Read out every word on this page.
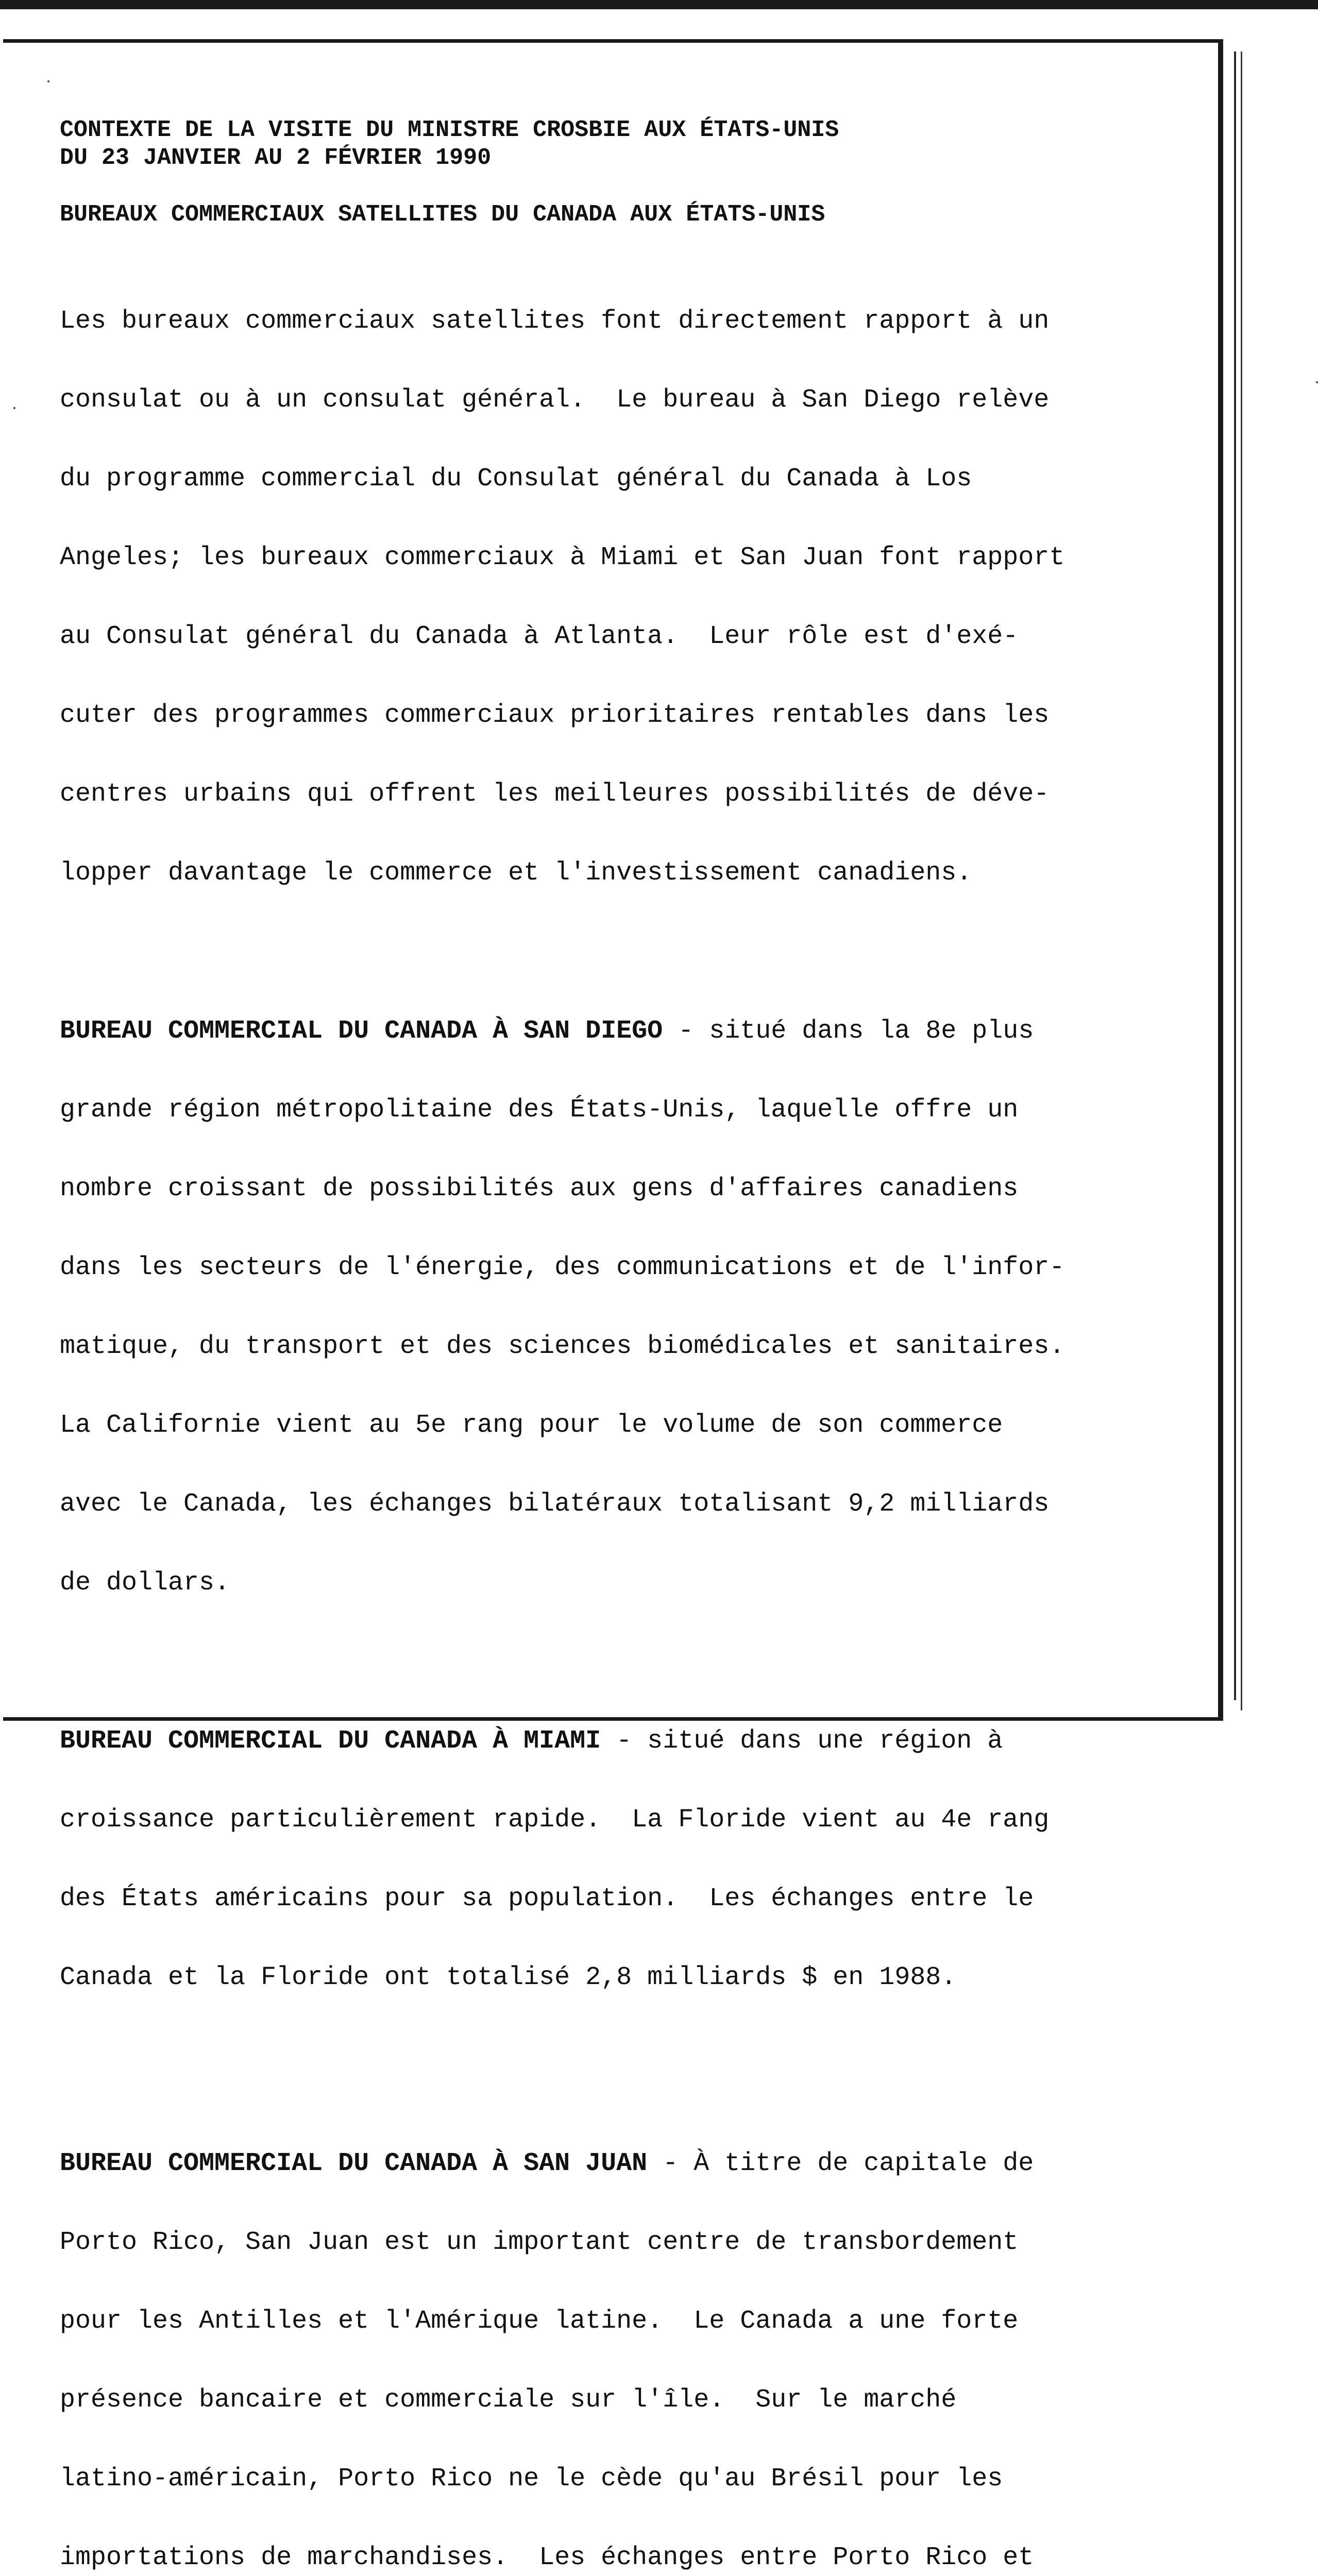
CONTEXTE DE LA VISITE DU MINISTRE CROSBIE AUX ÉTATS-UNIS

DU 23 JANVIER AU 2 FÉVRIER 1990

BUREAUX COMMERCIAUX SATELLITES DU CANADA AUX ÉTATS-UNIS

Les bureaux commerciaux satellites font directement rapport à un

consulat ou à un consulat général.  Le bureau à San Diego relève

du programme commercial du Consulat général du Canada à Los

Angeles; les bureaux commerciaux à Miami et San Juan font rapport

au Consulat général du Canada à Atlanta.  Leur rôle est d'exé-

cuter des programmes commerciaux prioritaires rentables dans les

centres urbains qui offrent les meilleures possibilités de déve-

lopper davantage le commerce et l'investissement canadiens.

BUREAU COMMERCIAL DU CANADA À SAN DIEGO - situé dans la 8e plus

grande région métropolitaine des États-Unis, laquelle offre un

nombre croissant de possibilités aux gens d'affaires canadiens

dans les secteurs de l'énergie, des communications et de l'infor-

matique, du transport et des sciences biomédicales et sanitaires.

La Californie vient au 5e rang pour le volume de son commerce

avec le Canada, les échanges bilatéraux totalisant 9,2 milliards

de dollars.

BUREAU COMMERCIAL DU CANADA À MIAMI - situé dans une région à

croissance particulièrement rapide.  La Floride vient au 4e rang

des États américains pour sa population.  Les échanges entre le

Canada et la Floride ont totalisé 2,8 milliards $ en 1988.

BUREAU COMMERCIAL DU CANADA À SAN JUAN - À titre de capitale de

Porto Rico, San Juan est un important centre de transbordement

pour les Antilles et l'Amérique latine.  Le Canada a une forte

présence bancaire et commerciale sur l'île.  Sur le marché

latino-américain, Porto Rico ne le cède qu'au Brésil pour les

importations de marchandises.  Les échanges entre Porto Rico et
